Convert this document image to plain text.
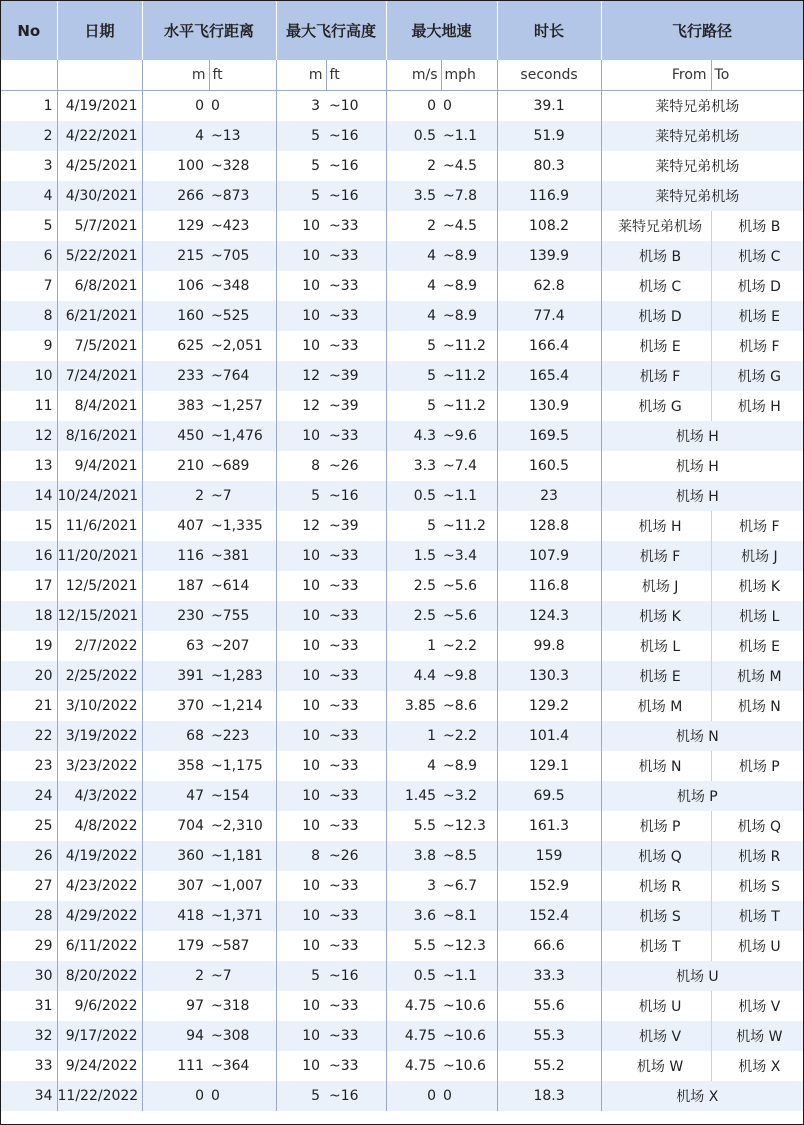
No	日期	水平飞行距离		最大飞行高度		最大地速		时长	飞行路径	
		m	ft	m	ft	m/s	mph	seconds	From	To
1	4/19/2021	0	0	3	~10	0	0	39.1	莱特兄弟机场	
2	4/22/2021	4	~13	5	~16	0.5	~1.1	51.9	莱特兄弟机场	
3	4/25/2021	100	~328	5	~16	2	~4.5	80.3	莱特兄弟机场	
4	4/30/2021	266	~873	5	~16	3.5	~7.8	116.9	莱特兄弟机场	
5	5/7/2021	129	~423	10	~33	2	~4.5	108.2	莱特兄弟机场	机场 B
6	5/22/2021	215	~705	10	~33	4	~8.9	139.9	机场 B	机场 C
7	6/8/2021	106	~348	10	~33	4	~8.9	62.8	机场 C	机场 D
8	6/21/2021	160	~525	10	~33	4	~8.9	77.4	机场 D	机场 E
9	7/5/2021	625	~2,051	10	~33	5	~11.2	166.4	机场 E	机场 F
10	7/24/2021	233	~764	12	~39	5	~11.2	165.4	机场 F	机场 G
11	8/4/2021	383	~1,257	12	~39	5	~11.2	130.9	机场 G	机场 H
12	8/16/2021	450	~1,476	10	~33	4.3	~9.6	169.5	机场 H	
13	9/4/2021	210	~689	8	~26	3.3	~7.4	160.5	机场 H	
14	10/24/2021	2	~7	5	~16	0.5	~1.1	23	机场 H	
15	11/6/2021	407	~1,335	12	~39	5	~11.2	128.8	机场 H	机场 F
16	11/20/2021	116	~381	10	~33	1.5	~3.4	107.9	机场 F	机场 J
17	12/5/2021	187	~614	10	~33	2.5	~5.6	116.8	机场 J	机场 K
18	12/15/2021	230	~755	10	~33	2.5	~5.6	124.3	机场 K	机场 L
19	2/7/2022	63	~207	10	~33	1	~2.2	99.8	机场 L	机场 E
20	2/25/2022	391	~1,283	10	~33	4.4	~9.8	130.3	机场 E	机场 M
21	3/10/2022	370	~1,214	10	~33	3.85	~8.6	129.2	机场 M	机场 N
22	3/19/2022	68	~223	10	~33	1	~2.2	101.4	机场 N	
23	3/23/2022	358	~1,175	10	~33	4	~8.9	129.1	机场 N	机场 P
24	4/3/2022	47	~154	10	~33	1.45	~3.2	69.5	机场 P	
25	4/8/2022	704	~2,310	10	~33	5.5	~12.3	161.3	机场 P	机场 Q
26	4/19/2022	360	~1,181	8	~26	3.8	~8.5	159	机场 Q	机场 R
27	4/23/2022	307	~1,007	10	~33	3	~6.7	152.9	机场 R	机场 S
28	4/29/2022	418	~1,371	10	~33	3.6	~8.1	152.4	机场 S	机场 T
29	6/11/2022	179	~587	10	~33	5.5	~12.3	66.6	机场 T	机场 U
30	8/20/2022	2	~7	5	~16	0.5	~1.1	33.3	机场 U	
31	9/6/2022	97	~318	10	~33	4.75	~10.6	55.6	机场 U	机场 V
32	9/17/2022	94	~308	10	~33	4.75	~10.6	55.3	机场 V	机场 W
33	9/24/2022	111	~364	10	~33	4.75	~10.6	55.2	机场 W	机场 X
34	11/22/2022	0	0	5	~16	0	0	18.3	机场 X	
